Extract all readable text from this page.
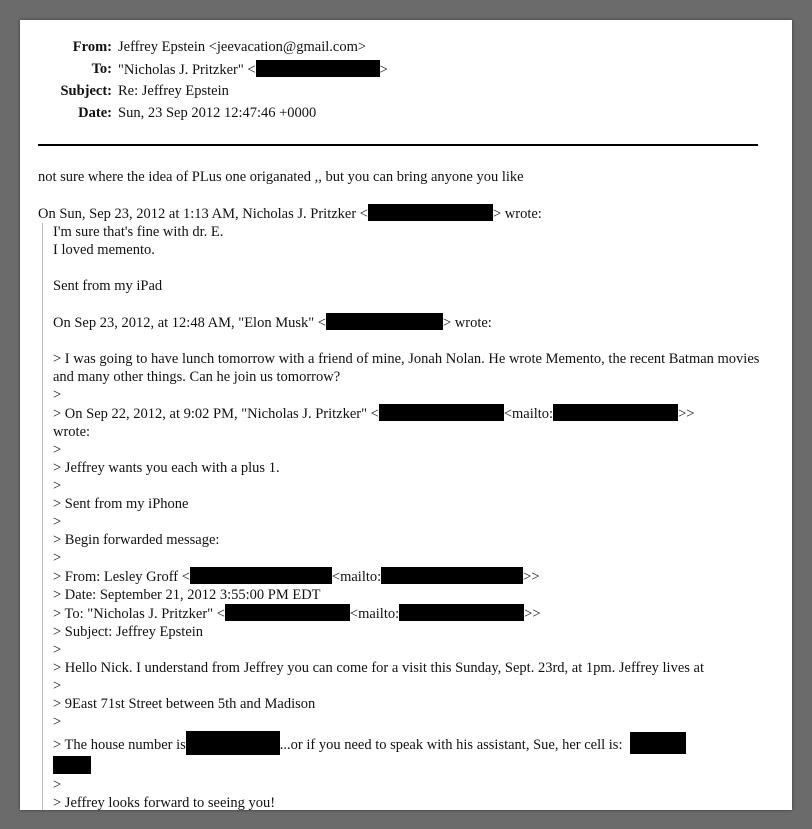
From: Jeffrey Epstein <jeevacation@gmail.com>
To: "Nicholas J. Pritzker" <	>
Subject: Re: Jeffrey Epstein
Date: Sun, 23 Sep 2012 12:47:46 +0000
not sure where the idea of PLus one origanated ,, but you can bring anyone you like
On Sun, Sep 23, 2012 at 1:13 AM, Nicholas J. Pritzker <	> wrote:
I'm sure that's fine with dr. E.
I loved memento.
Sent from my iPad
On Sep 23, 2012, at 12:48 AM, "Elon Musk" <	> wrote:
> I was going to have lunch tomorrow with a friend of mine, Jonah Nolan. He wrote Memento, the recent Batman movies and many other things. Can he join us tomorrow?
>
> On Sep 22, 2012, at 9:02 PM, "Nicholas J. Pritzker" <	<mailto:	>>
wrote:
>
> Jeffrey wants you each with a plus 1.
>
> Sent from my iPhone
>
> Begin forwarded message:
>
> From: Lesley Groff <	<mailto:	>>
> Date: September 21, 2012 3:55:00 PM EDT
> To: "Nicholas J. Pritzker" <	<mailto:	>>
> Subject: Jeffrey Epstein
>
> Hello Nick. I understand from Jeffrey you can come for a visit this Sunday, Sept. 23rd, at 1pm. Jeffrey lives at
>
> 9East 71st Street between 5th and Madison
>
> The house number is	...or if you need to speak with his assistant, Sue, her cell is:
>
> Jeffrey looks forward to seeing you!
